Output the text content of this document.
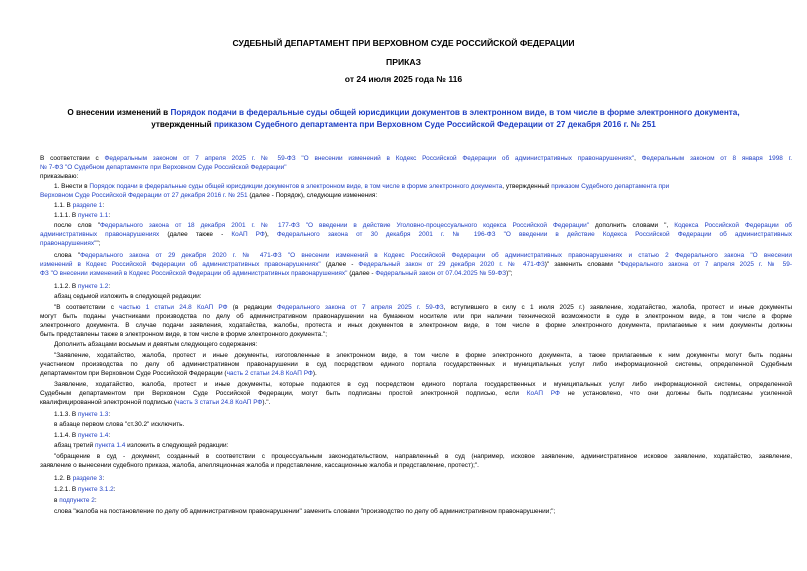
СУДЕБНЫЙ ДЕПАРТАМЕНТ ПРИ ВЕРХОВНОМ СУДЕ РОССИЙСКОЙ ФЕДЕРАЦИИ
ПРИКАЗ
от 24 июля 2025 года № 116
О внесении изменений в Порядок подачи в федеральные суды общей юрисдикции документов в электронном виде, в том числе в форме электронного документа,
утвержденный приказом Судебного департамента при Верховном Суде Российской Федерации от 27 декабря 2016 г. № 251
В соответствии с Федеральным законом от 7 апреля 2025 г. № 59-ФЗ "О внесении изменений в Кодекс Российской Федерации об административных правонарушениях", Федеральным законом от 8 января 1998 г.
№ 7-ФЗ "О Судебном департаменте при Верховном Суде Российской Федерации"
приказываю:
1. Внести в Порядок подачи в федеральные суды общей юрисдикции документов в электронном виде, в том числе в форме электронного документа, утвержденный приказом Судебного департамента при
Верховном Суде Российской Федерации от 27 декабря 2016 г. № 251 (далее - Порядок), следующие изменения:
1.1. В разделе 1:
1.1.1. В пункте 1.1:
после слов "Федерального закона от 18 декабря 2001 г. № 177-ФЗ "О введении в действие Уголовно-процессуального кодекса Российской Федерации" дополнить словами ", Кодекса Российской Федерации об
административных правонарушениях (далее также - КоАП РФ), Федерального закона от 30 декабря 2001 г. № 196-ФЗ "О введении в действие Кодекса Российской Федерации об административных
правонарушениях"";
слова "Федерального закона от 29 декабря 2020 г. № 471-ФЗ "О внесении изменений в Кодекс Российской Федерации об административных правонарушениях и статью 2 Федерального закона "О внесении
изменений в Кодекс Российской Федерации об административных правонарушениях" (далее - Федеральный закон от 29 декабря 2020 г. № 471-ФЗ)" заменить словами "Федерального закона от 7 апреля 2025 г. № 59-
ФЗ "О внесении изменений в Кодекс Российской Федерации об административных правонарушениях" (далее - Федеральный закон от 07.04.2025 № 59-ФЗ)";
1.1.2. В пункте 1.2:
абзац седьмой изложить в следующей редакции:
"В соответствии с частью 1 статьи 24.8 КоАП РФ (в редакции Федерального закона от 7 апреля 2025 г. 59-ФЗ, вступившего в силу с 1 июля 2025 г.) заявление, ходатайство, жалоба, протест и иные документы
могут быть поданы участниками производства по делу об административном правонарушении на бумажном носителе или при наличии технической возможности в суде в электронном виде, в том числе в форме
электронного документа. В случае подачи заявления, ходатайства, жалобы, протеста и иных документов в электронном виде, в том числе в форме электронного документа, прилагаемые к ним документы должны
быть представлены также в электронном виде, в том числе в форме электронного документа.";
Дополнить абзацами восьмым и девятым следующего содержания:
"Заявление, ходатайство, жалоба, протест и иные документы, изготовленные в электронном виде, в том числе в форме электронного документа, а также прилагаемые к ним документы могут быть поданы
участником производства по делу об административном правонарушении в суд посредством единого портала государственных и муниципальных услуг либо информационной системы, определенной Судебным
департаментом при Верховном Суде Российской Федерации (часть 2 статьи 24.8 КоАП РФ).
Заявление, ходатайство, жалоба, протест и иные документы, которые подаются в суд посредством единого портала государственных и муниципальных услуг либо информационной системы, определенной
Судебным департаментом при Верховном Суде Российской Федерации, могут быть подписаны простой электронной подписью, если КоАП РФ не установлено, что они должны быть подписаны усиленной
квалифицированной электронной подписью (часть 3 статьи 24.8 КоАП РФ).".
1.1.3. В пункте 1.3:
в абзаце первом слова "ст.30.2" исключить.
1.1.4. В пункте 1.4:
абзац третий пункта 1.4 изложить в следующей редакции:
"обращение в суд - документ, созданный в соответствии с процессуальным законодательством, направленный в суд (например, исковое заявление, административное исковое заявление, ходатайство, заявление,
заявление о вынесении судебного приказа, жалоба, апелляционная жалоба и представление, кассационные жалоба и представление, протест);".
1.2. В разделе 3:
1.2.1. В пункте 3.1.2:
в подпункте 2:
слова "жалоба на постановление по делу об административном правонарушении" заменить словами "производство по делу об административном правонарушении;";
